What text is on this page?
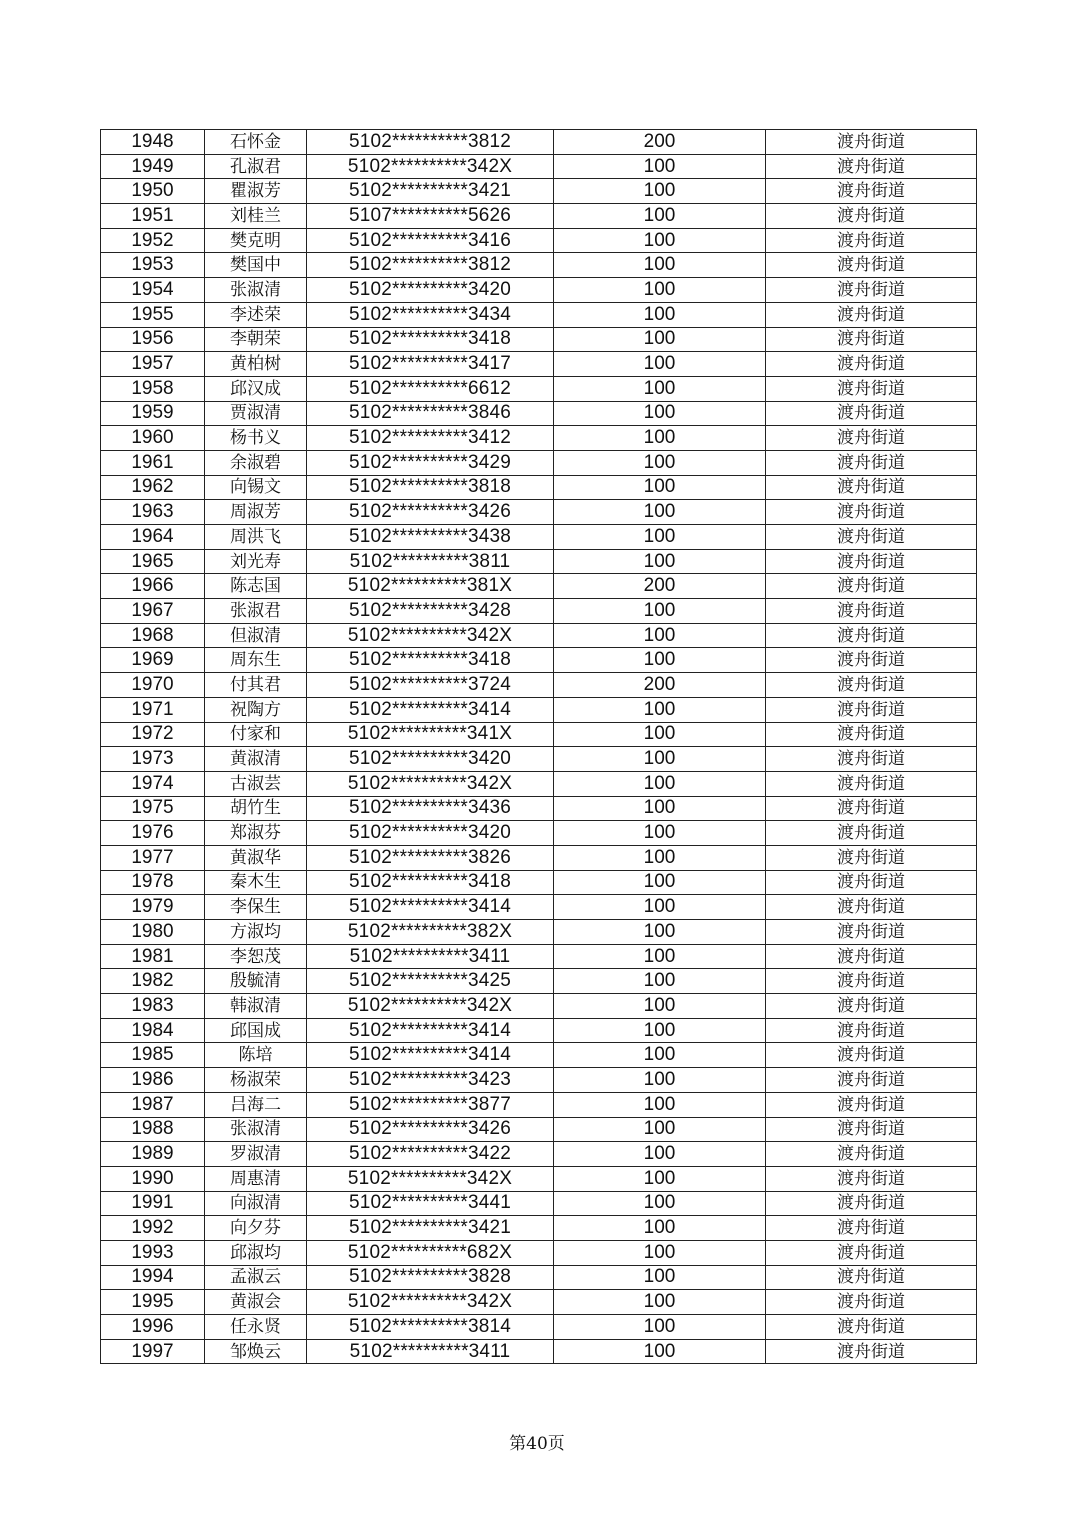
1948	石怀金	5102**********3812	200	渡舟街道
1949	孔淑君	5102**********342X	100	渡舟街道
1950	瞿淑芳	5102**********3421	100	渡舟街道
1951	刘桂兰	5107**********5626	100	渡舟街道
1952	樊克明	5102**********3416	100	渡舟街道
1953	樊国中	5102**********3812	100	渡舟街道
1954	张淑清	5102**********3420	100	渡舟街道
1955	李述荣	5102**********3434	100	渡舟街道
1956	李朝荣	5102**********3418	100	渡舟街道
1957	黄柏树	5102**********3417	100	渡舟街道
1958	邱汉成	5102**********6612	100	渡舟街道
1959	贾淑清	5102**********3846	100	渡舟街道
1960	杨书义	5102**********3412	100	渡舟街道
1961	余淑碧	5102**********3429	100	渡舟街道
1962	向锡文	5102**********3818	100	渡舟街道
1963	周淑芳	5102**********3426	100	渡舟街道
1964	周洪飞	5102**********3438	100	渡舟街道
1965	刘光寿	5102**********3811	100	渡舟街道
1966	陈志国	5102**********381X	200	渡舟街道
1967	张淑君	5102**********3428	100	渡舟街道
1968	但淑清	5102**********342X	100	渡舟街道
1969	周东生	5102**********3418	100	渡舟街道
1970	付其君	5102**********3724	200	渡舟街道
1971	祝陶方	5102**********3414	100	渡舟街道
1972	付家和	5102**********341X	100	渡舟街道
1973	黄淑清	5102**********3420	100	渡舟街道
1974	古淑芸	5102**********342X	100	渡舟街道
1975	胡竹生	5102**********3436	100	渡舟街道
1976	郑淑芬	5102**********3420	100	渡舟街道
1977	黄淑华	5102**********3826	100	渡舟街道
1978	秦木生	5102**********3418	100	渡舟街道
1979	李保生	5102**********3414	100	渡舟街道
1980	方淑均	5102**********382X	100	渡舟街道
1981	李恕茂	5102**********3411	100	渡舟街道
1982	殷毓清	5102**********3425	100	渡舟街道
1983	韩淑清	5102**********342X	100	渡舟街道
1984	邱国成	5102**********3414	100	渡舟街道
1985	陈培	5102**********3414	100	渡舟街道
1986	杨淑荣	5102**********3423	100	渡舟街道
1987	吕海二	5102**********3877	100	渡舟街道
1988	张淑清	5102**********3426	100	渡舟街道
1989	罗淑清	5102**********3422	100	渡舟街道
1990	周惠清	5102**********342X	100	渡舟街道
1991	向淑清	5102**********3441	100	渡舟街道
1992	向夕芬	5102**********3421	100	渡舟街道
1993	邱淑均	5102**********682X	100	渡舟街道
1994	孟淑云	5102**********3828	100	渡舟街道
1995	黄淑会	5102**********342X	100	渡舟街道
1996	任永贤	5102**********3814	100	渡舟街道
1997	邹焕云	5102**********3411	100	渡舟街道
第40页
